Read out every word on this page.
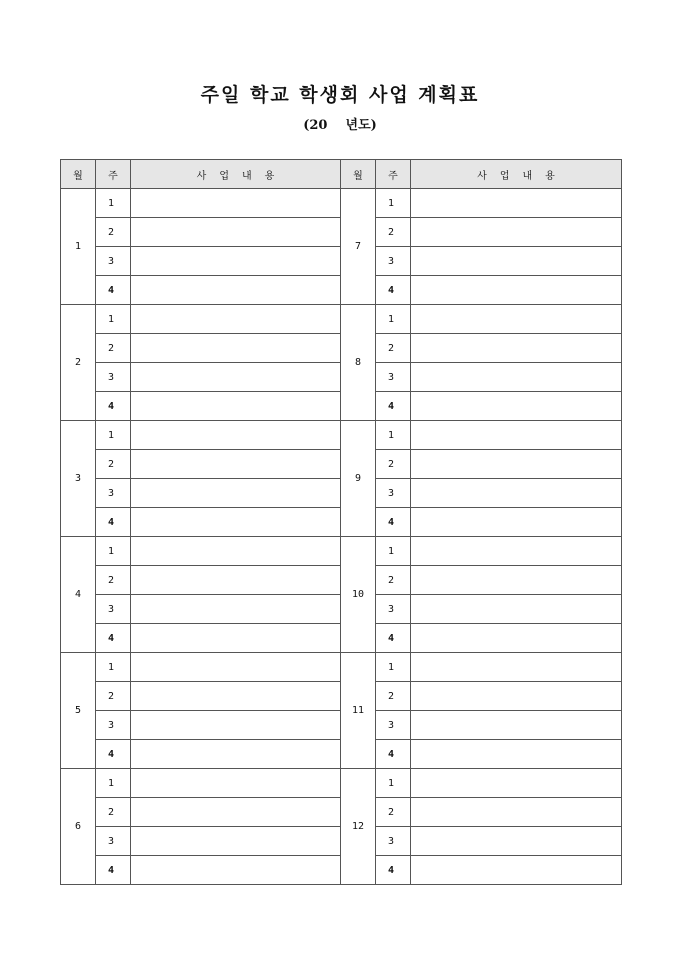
주일 학교 학생회 사업 계획표
(20    년도)
월	주	사업내용	월	주	사업내용
1	1		7	1	
	2			2	
	3			3	
	4			4	
2	1		8	1	
	2			2	
	3			3	
	4			4	
3	1		9	1	
	2			2	
	3			3	
	4			4	
4	1		10	1	
	2			2	
	3			3	
	4			4	
5	1		11	1	
	2			2	
	3			3	
	4			4	
6	1		12	1	
	2			2	
	3			3	
	4			4	
